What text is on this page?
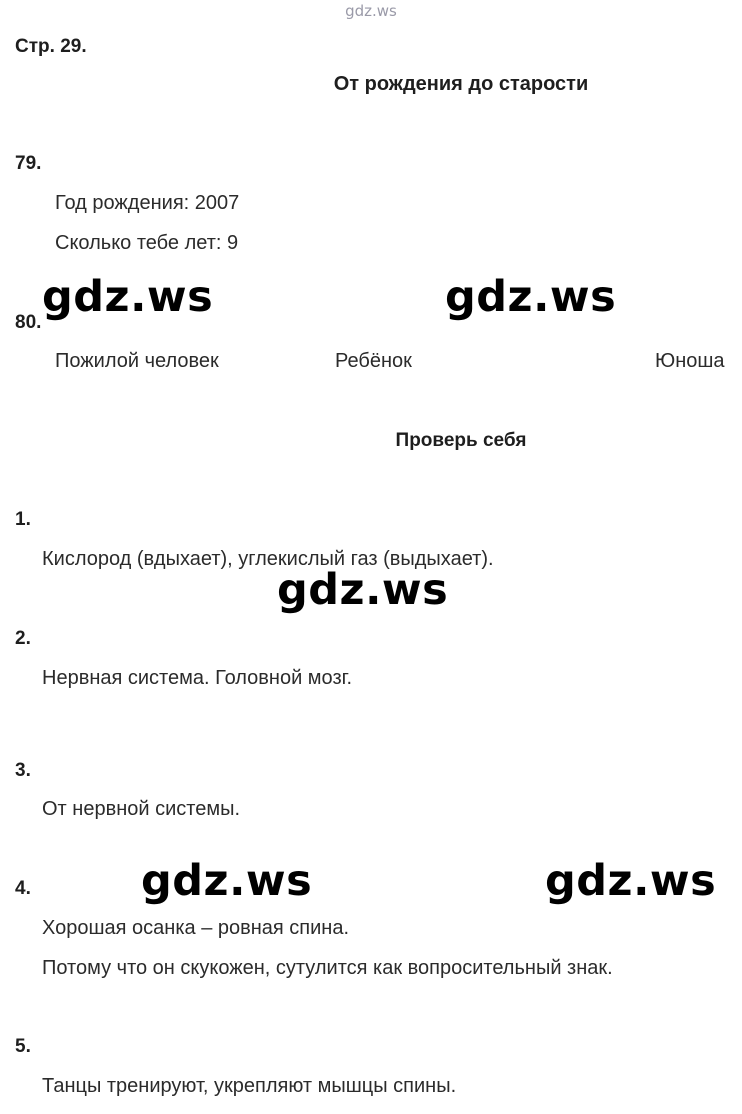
gdz.ws
Стр. 29.
От рождения до старости
79.
Год рождения: 2007
Сколько тебе лет: 9
80.
Пожилой человек	Ребёнок	Юноша
Проверь себя
1.
Кислород (вдыхает), углекислый газ (выдыхает).
2.
Нервная система. Головной мозг.
3.
От нервной системы.
4.
Хорошая осанка – ровная спина.
Потому что он скукожен, сутулится как вопросительный знак.
5.
Танцы тренируют, укрепляют мышцы спины.
gdz.ws	gdz.ws
gdz.ws
gdz.ws	gdz.ws
